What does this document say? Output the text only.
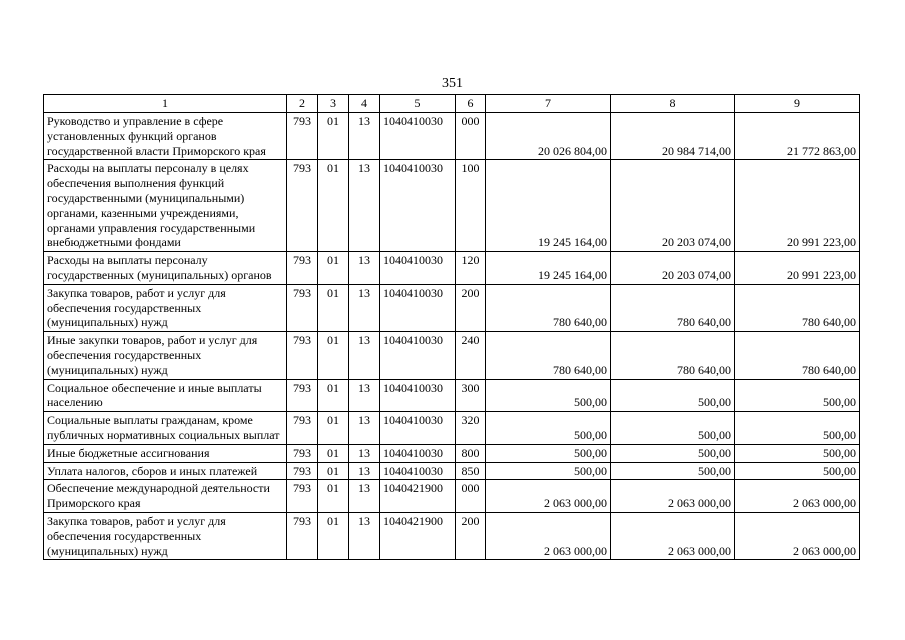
351
1	2	3	4	5	6	7	8	9
Руководство и управление в сфере установленных функций органов государственной власти Приморского края	793	01	13	1040410030	000	20 026 804,00	20 984 714,00	21 772 863,00
Расходы на выплаты персоналу в целях обеспечения выполнения функций государственными (муниципальными) органами, казенными учреждениями, органами управления государственными внебюджетными фондами	793	01	13	1040410030	100	19 245 164,00	20 203 074,00	20 991 223,00
Расходы на выплаты персоналу государственных (муниципальных) органов	793	01	13	1040410030	120	19 245 164,00	20 203 074,00	20 991 223,00
Закупка товаров, работ и услуг для обеспечения государственных (муниципальных) нужд	793	01	13	1040410030	200	780 640,00	780 640,00	780 640,00
Иные закупки товаров, работ и услуг для обеспечения государственных (муниципальных) нужд	793	01	13	1040410030	240	780 640,00	780 640,00	780 640,00
Социальное обеспечение и иные выплаты населению	793	01	13	1040410030	300	500,00	500,00	500,00
Социальные выплаты гражданам, кроме публичных нормативных социальных выплат	793	01	13	1040410030	320	500,00	500,00	500,00
Иные бюджетные ассигнования	793	01	13	1040410030	800	500,00	500,00	500,00
Уплата налогов, сборов и иных платежей	793	01	13	1040410030	850	500,00	500,00	500,00
Обеспечение международной деятельности Приморского края	793	01	13	1040421900	000	2 063 000,00	2 063 000,00	2 063 000,00
Закупка товаров, работ и услуг для обеспечения государственных (муниципальных) нужд	793	01	13	1040421900	200	2 063 000,00	2 063 000,00	2 063 000,00
